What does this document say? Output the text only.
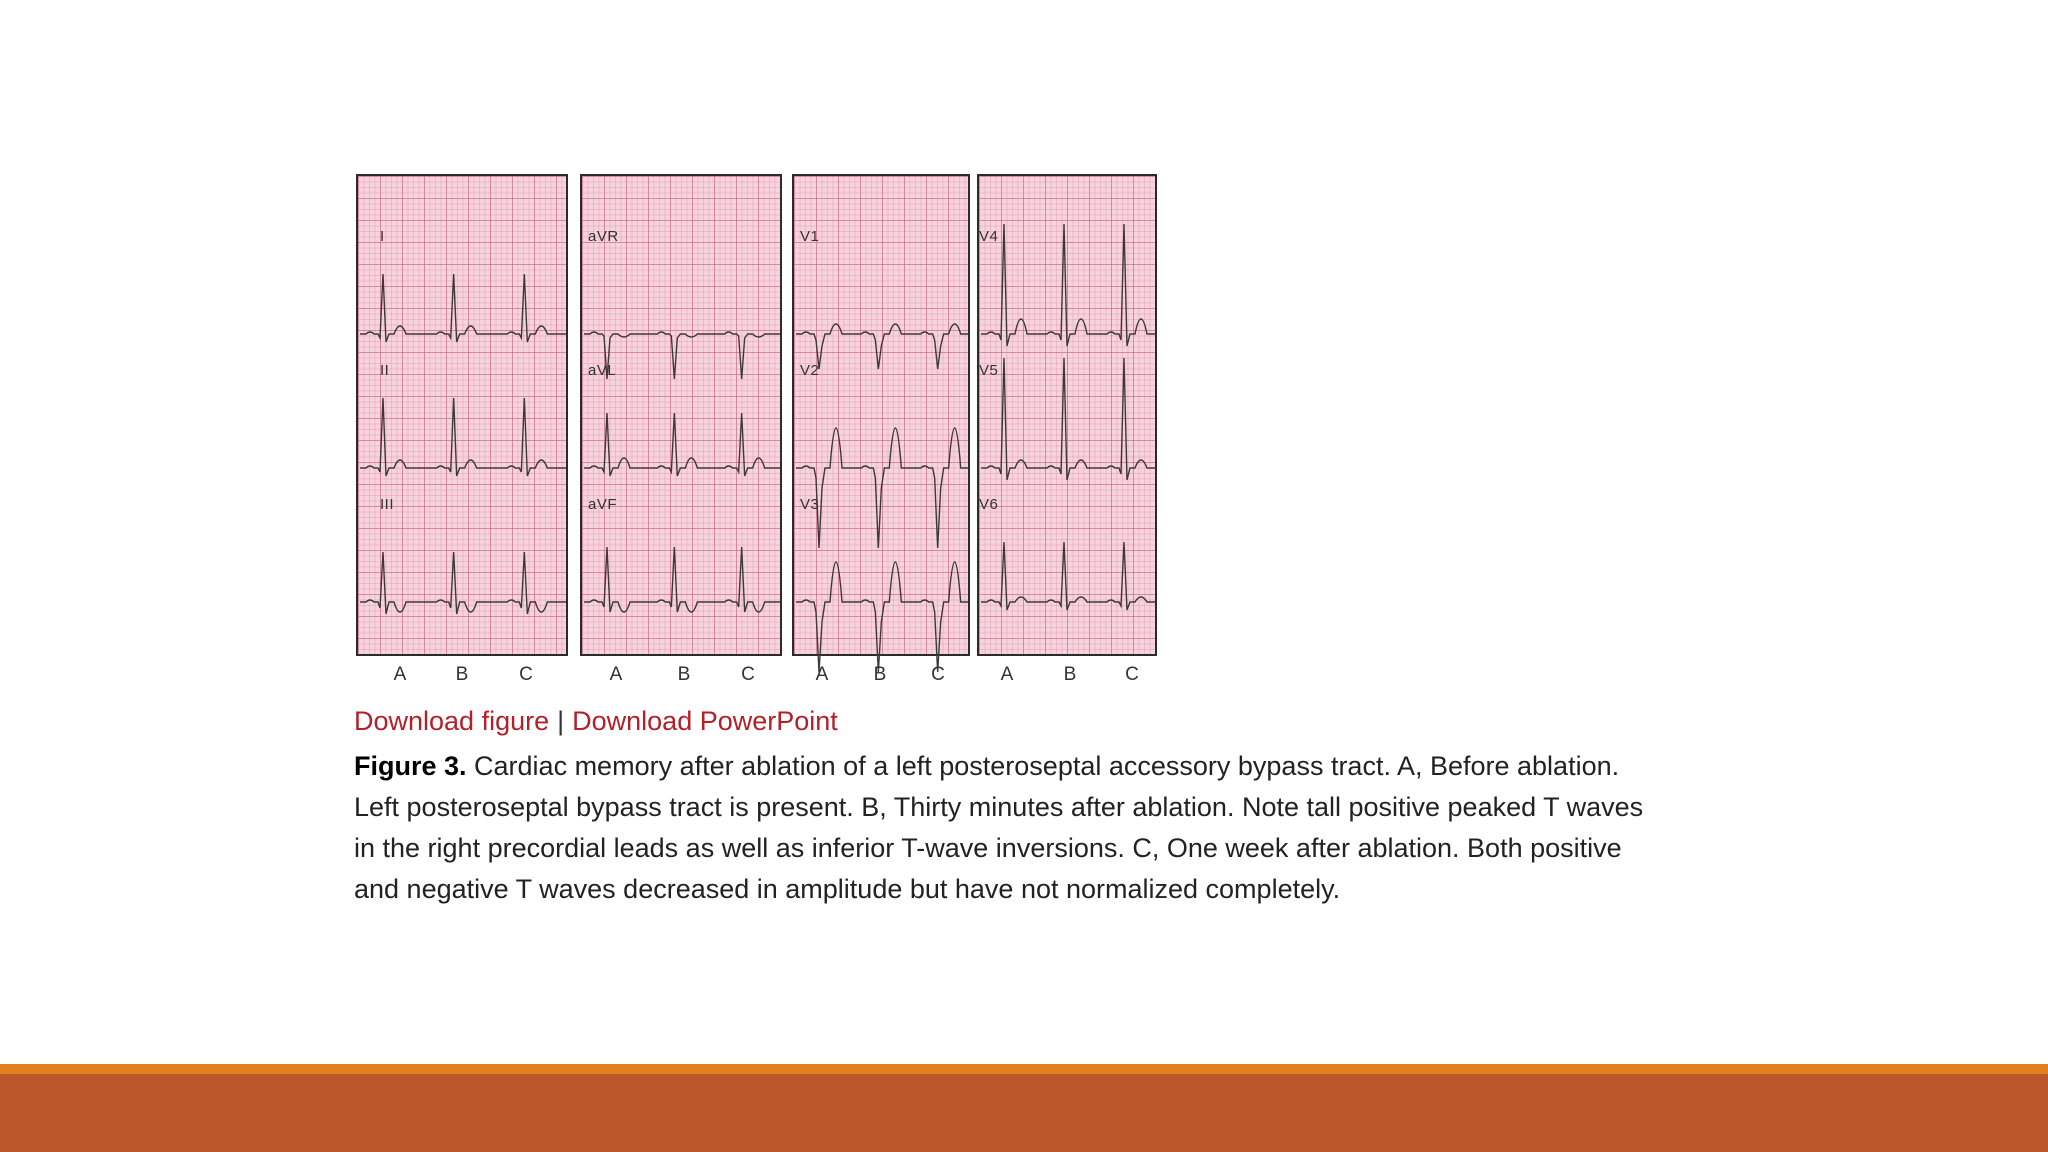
I
II
III
A	B	C
aVR
aVL
aVF
A	B	C
V1
V2
V3
A B C
V4
V5
V6
A	B	C
Download figure | Download PowerPoint
Figure 3. Cardiac memory after ablation of a left posteroseptal accessory bypass tract. A, Before ablation. Left posteroseptal bypass tract is present. B, Thirty minutes after ablation. Note tall positive peaked T waves in the right precordial leads as well as inferior T-wave inversions. C, One week after ablation. Both positive and negative T waves decreased in amplitude but have not normalized completely.
